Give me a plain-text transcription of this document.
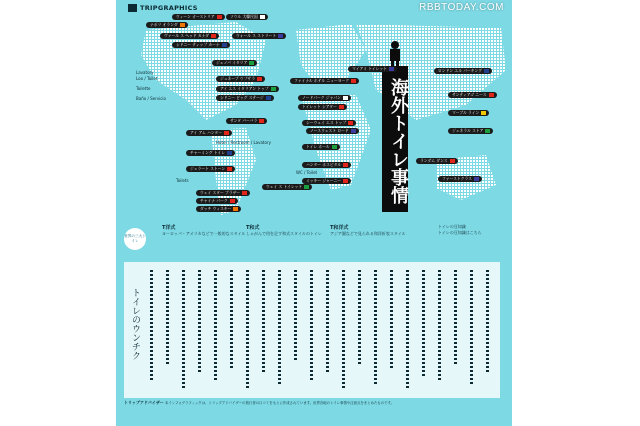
TRIPGRAPHICS	RBBTODAY.COM
海外トイレ事情
ウィーン オーストリア	ソウル 大韓民国
ナポリ オランダ
ヴァール ス ヘッド カナダ	ウォール ス ストリート
シドニー ティップ カーナ
ジェノバ イタリア
マイアミ トイレット
ジュネーブ ウプサラ
アイ エス イタリアン トップ
シドニー ビッグ ステージ
ファイナル ホテル ニューヨーク
ノードパーク ジャパン
トイレット シアター
シーウェイ エス トップ
ノースウェスト ロード
アイ アム ハンター
チャーミング トイレ
ジェラート ストーン
ウェイ スター ブラザー
チャイナ パーク
ダッチ ウィスキー
ウェイ ス トイレット
トイレ ホール
ハンター ホスピタル
ミッキー ジャーニー
ロンドン エル パーキング
サンティアゴ ニース
マーブル ライン
ジェネラル ストア
ランダム ダンス
ファーストクラス
サンタ バーバラ
Lavatory
Loo / Toilet
Toilette
Baño / Servicio
Hotel / Restroom / Lavatory
WC / Toilet
Toilets
世界の三大トイレ
T洋式
ヨーロッパ・アメリカなどで一般的なスタイル
T和式
しゃがんで用を足す和式スタイルのトイレ
T和洋式
アジア圏などで見られる和洋折衷スタイル
トイレの豆知識
トイレの豆知識はこちら
トイレのウンチク
トリップアドバイザー 本インフォグラフィックは、トリップアドバイザーの旅行者の口コミをもとに作成されています。世界各地のトイレ事情や注意点をまとめたものです。
